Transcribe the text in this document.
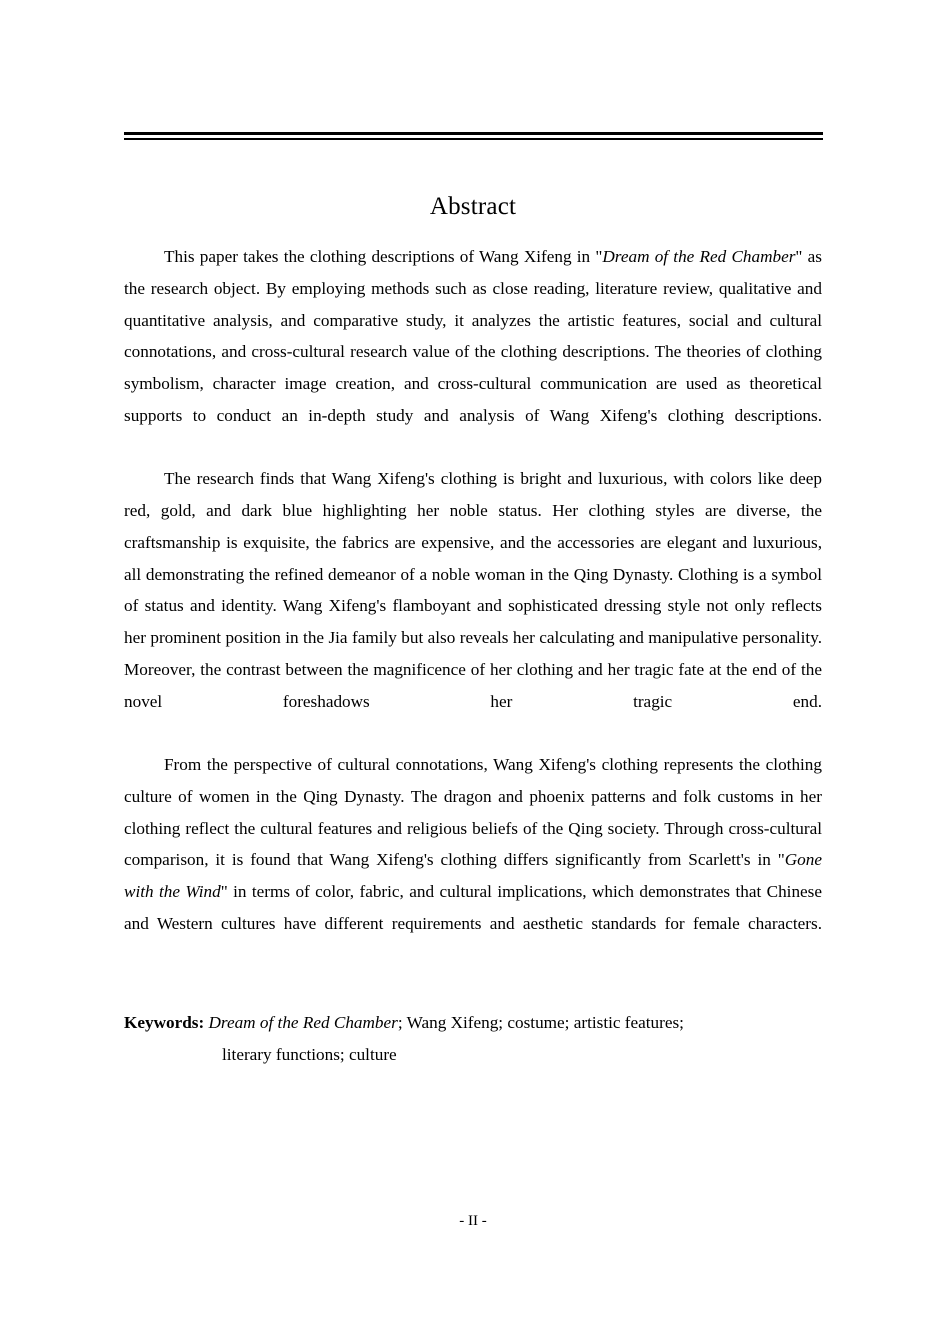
Abstract

This paper takes the clothing descriptions of Wang Xifeng in "Dream of the Red Chamber" as the research object. By employing methods such as close reading, literature review, qualitative and quantitative analysis, and comparative study, it analyzes the artistic features, social and cultural connotations, and cross-cultural research value of the clothing descriptions. The theories of clothing symbolism, character image creation, and cross-cultural communication are used as theoretical supports to conduct an in-depth study and analysis of Wang Xifeng's clothing descriptions.

The research finds that Wang Xifeng's clothing is bright and luxurious, with colors like deep red, gold, and dark blue highlighting her noble status. Her clothing styles are diverse, the craftsmanship is exquisite, the fabrics are expensive, and the accessories are elegant and luxurious, all demonstrating the refined demeanor of a noble woman in the Qing Dynasty. Clothing is a symbol of status and identity. Wang Xifeng's flamboyant and sophisticated dressing style not only reflects her prominent position in the Jia family but also reveals her calculating and manipulative personality. Moreover, the contrast between the magnificence of her clothing and her tragic fate at the end of the novel foreshadows her tragic end.

From the perspective of cultural connotations, Wang Xifeng's clothing represents the clothing culture of women in the Qing Dynasty. The dragon and phoenix patterns and folk customs in her clothing reflect the cultural features and religious beliefs of the Qing society. Through cross-cultural comparison, it is found that Wang Xifeng's clothing differs significantly from Scarlett's in "Gone with the Wind" in terms of color, fabric, and cultural implications, which demonstrates that Chinese and Western cultures have different requirements and aesthetic standards for female characters.

Keywords: Dream of the Red Chamber; Wang Xifeng; costume; artistic features;
literary functions; culture
- II -
